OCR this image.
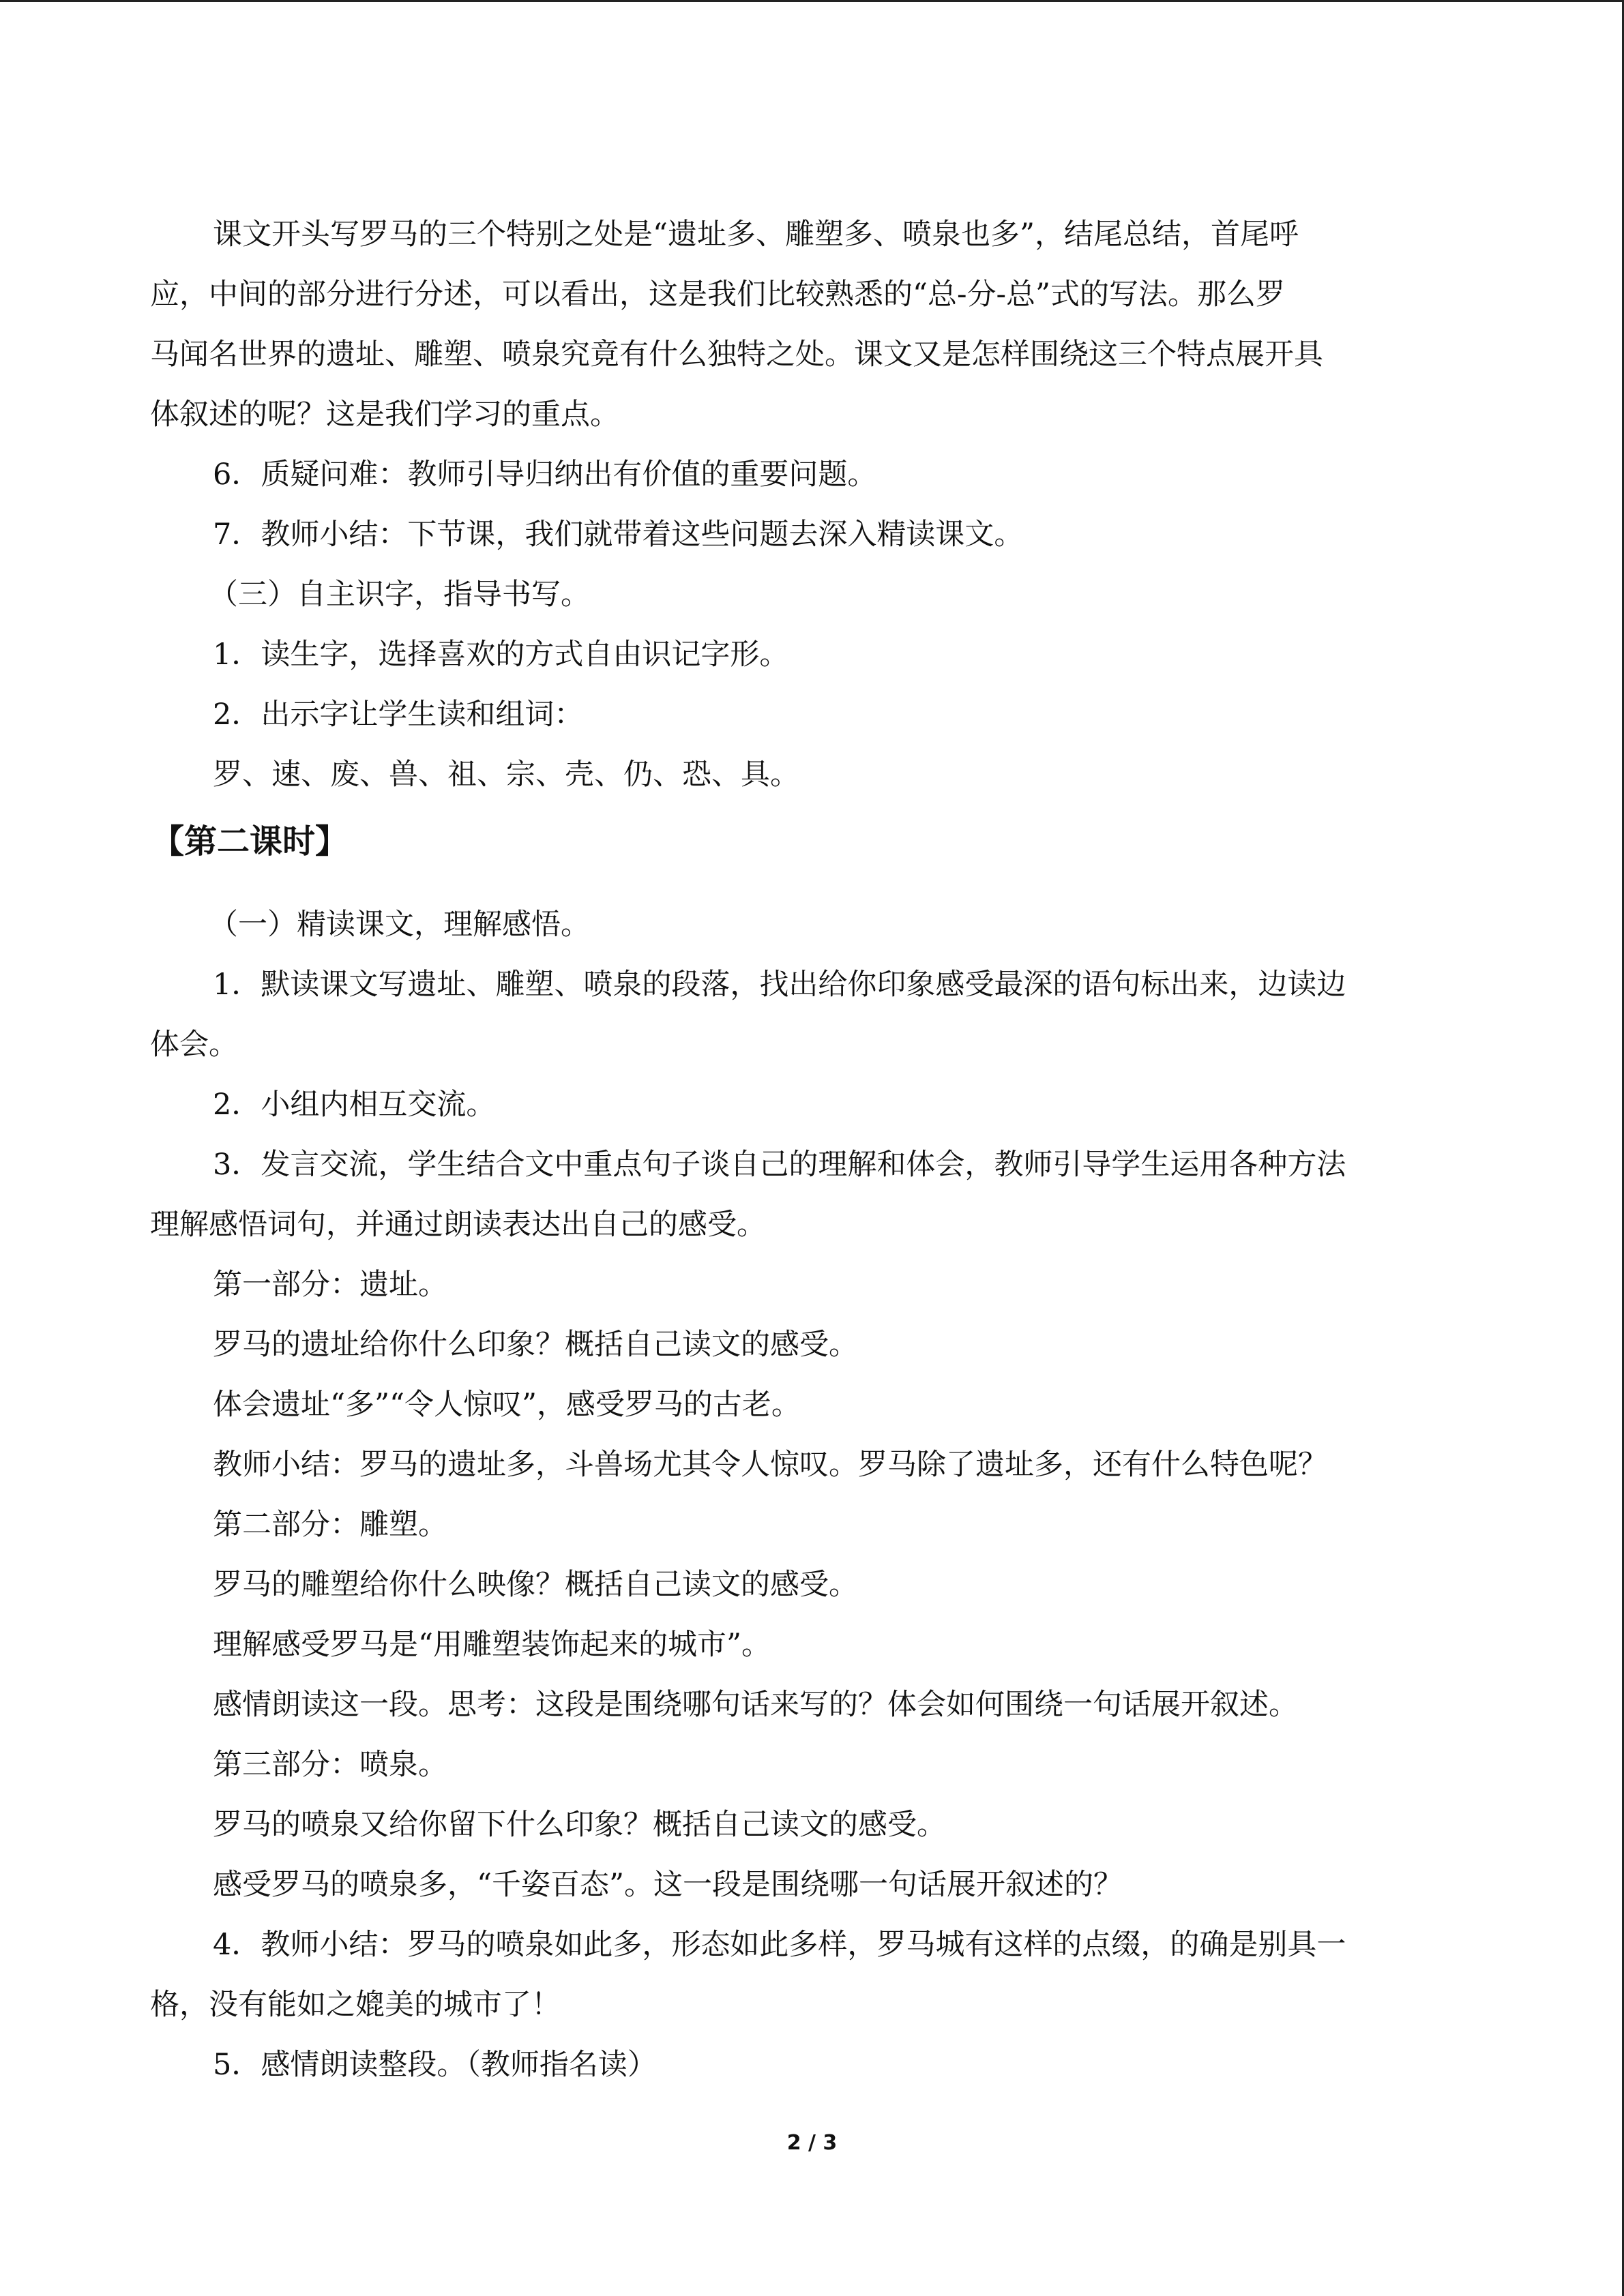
课文开头写罗马的三个特别之处是“遗址多、雕塑多、喷泉也多”，结尾总结，首尾呼
应，中间的部分进行分述，可以看出，这是我们比较熟悉的“总-分-总”式的写法。那么罗
马闻名世界的遗址、雕塑、喷泉究竟有什么独特之处。课文又是怎样围绕这三个特点展开具
体叙述的呢？这是我们学习的重点。
6．质疑问难：教师引导归纳出有价值的重要问题。
7．教师小结：下节课，我们就带着这些问题去深入精读课文。
（三）自主识字，指导书写。
1．读生字，选择喜欢的方式自由识记字形。
2．出示字让学生读和组词：
罗、速、废、兽、祖、宗、壳、仍、恐、具。
【第二课时】
（一）精读课文，理解感悟。
1．默读课文写遗址、雕塑、喷泉的段落，找出给你印象感受最深的语句标出来，边读边
体会。
2．小组内相互交流。
3．发言交流，学生结合文中重点句子谈自己的理解和体会，教师引导学生运用各种方法
理解感悟词句，并通过朗读表达出自己的感受。
第一部分：遗址。
罗马的遗址给你什么印象？概括自己读文的感受。
体会遗址“多”“令人惊叹”，感受罗马的古老。
教师小结：罗马的遗址多，斗兽场尤其令人惊叹。罗马除了遗址多，还有什么特色呢？
第二部分：雕塑。
罗马的雕塑给你什么映像？概括自己读文的感受。
理解感受罗马是“用雕塑装饰起来的城市”。
感情朗读这一段。思考：这段是围绕哪句话来写的？体会如何围绕一句话展开叙述。
第三部分：喷泉。
罗马的喷泉又给你留下什么印象？概括自己读文的感受。
感受罗马的喷泉多，“千姿百态”。这一段是围绕哪一句话展开叙述的？
4．教师小结：罗马的喷泉如此多，形态如此多样，罗马城有这样的点缀，的确是别具一
格，没有能如之媲美的城市了！
5．感情朗读整段。（教师指名读）
2 / 3
